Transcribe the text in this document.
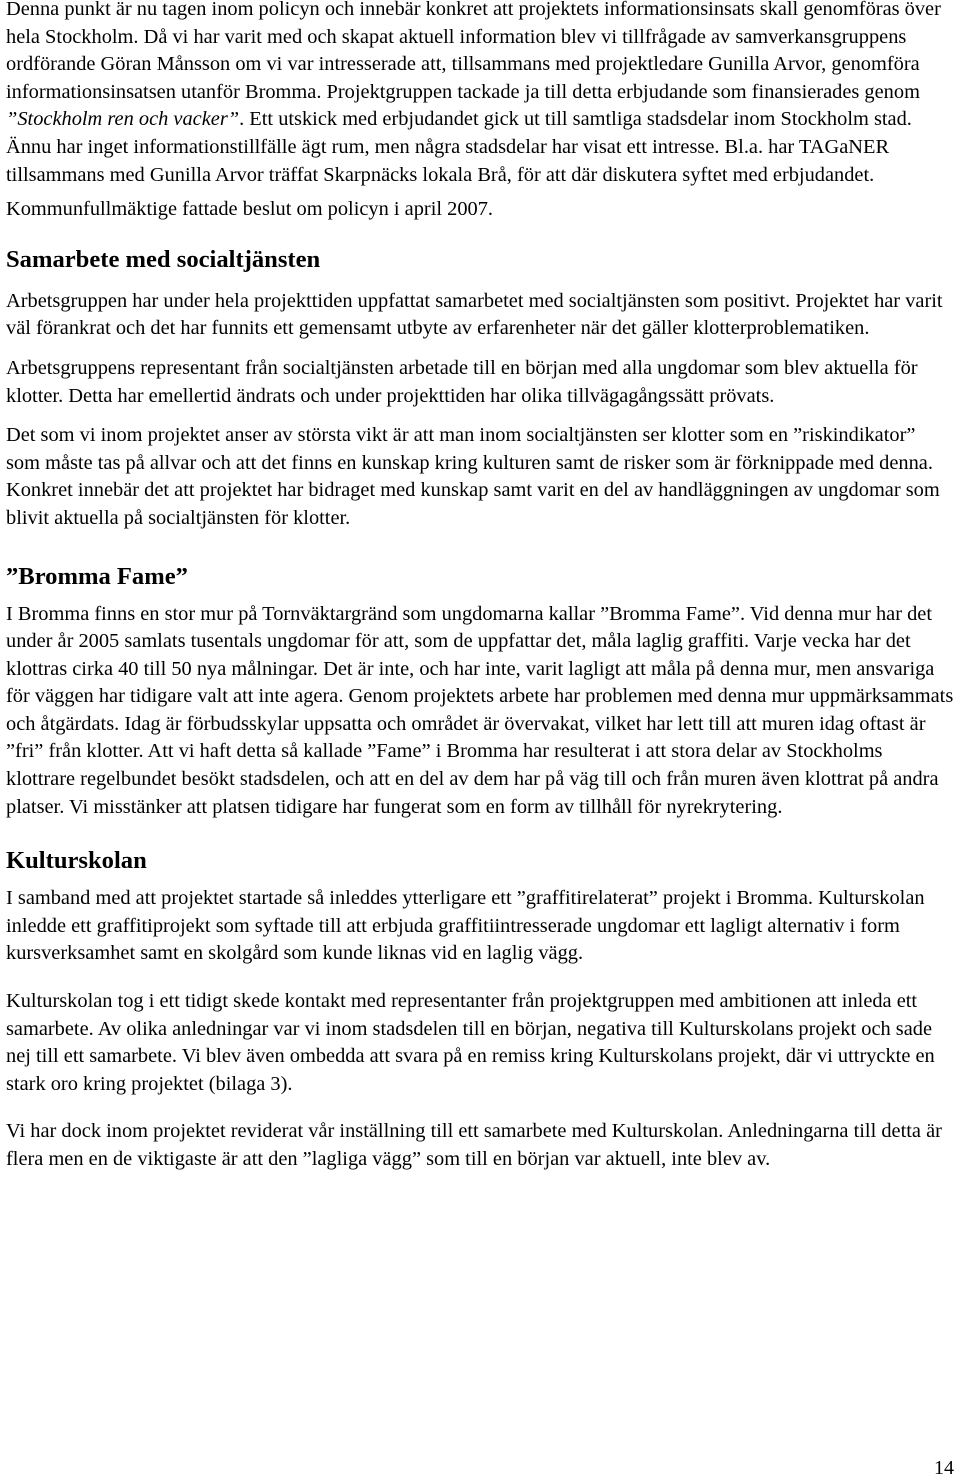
Denna punkt är nu tagen inom policyn och innebär konkret att projektets informationsinsats skall genomföras över hela Stockholm. Då vi har varit med och skapat aktuell information blev vi tillfrågade av samverkansgruppens ordförande Göran Månsson om vi var intresserade att, tillsammans med projektledare Gunilla Arvor, genomföra informationsinsatsen utanför Bromma. Projektgruppen tackade ja till detta erbjudande som finansierades genom ”Stockholm ren och vacker”. Ett utskick med erbjudandet gick ut till samtliga stadsdelar inom Stockholm stad. Ännu har inget informationstillfälle ägt rum, men några stadsdelar har visat ett intresse. Bl.a. har TAGaNER tillsammans med Gunilla Arvor träffat Skarpnäcks lokala Brå, för att där diskutera syftet med erbjudandet.

Kommunfullmäktige fattade beslut om policyn i april 2007.

Samarbete med socialtjänsten

Arbetsgruppen har under hela projekttiden uppfattat samarbetet med socialtjänsten som positivt. Projektet har varit väl förankrat och det har funnits ett gemensamt utbyte av erfarenheter när det gäller klotterproblematiken.

Arbetsgruppens representant från socialtjänsten arbetade till en början med alla ungdomar som blev aktuella för klotter. Detta har emellertid ändrats och under projekttiden har olika tillvägagångssätt prövats.

Det som vi inom projektet anser av största vikt är att man inom socialtjänsten ser klotter som en ”riskindikator” som måste tas på allvar och att det finns en kunskap kring kulturen samt de risker som är förknippade med denna. Konkret innebär det att projektet har bidraget med kunskap samt varit en del av handläggningen av ungdomar som blivit aktuella på socialtjänsten för klotter.

”Bromma Fame”

I Bromma finns en stor mur på Tornväktargränd som ungdomarna kallar ”Bromma Fame”. Vid denna mur har det under år 2005 samlats tusentals ungdomar för att, som de uppfattar det, måla laglig graffiti. Varje vecka har det klottras cirka 40 till 50 nya målningar. Det är inte, och har inte, varit lagligt att måla på denna mur, men ansvariga för väggen har tidigare valt att inte agera. Genom projektets arbete har problemen med denna mur uppmärksammats och åtgärdats. Idag är förbudsskylar uppsatta och området är övervakat, vilket har lett till att muren idag oftast är ”fri” från klotter. Att vi haft detta så kallade ”Fame” i Bromma har resulterat i att stora delar av Stockholms klottrare regelbundet besökt stadsdelen, och att en del av dem har på väg till och från muren även klottrat på andra platser. Vi misstänker att platsen tidigare har fungerat som en form av tillhåll för nyrekrytering.

Kulturskolan

I samband med att projektet startade så inleddes ytterligare ett ”graffitirelaterat” projekt i Bromma. Kulturskolan inledde ett graffitiprojekt som syftade till att erbjuda graffitiintresserade ungdomar ett lagligt alternativ i form kursverksamhet samt en skolgård som kunde liknas vid en laglig vägg.

Kulturskolan tog i ett tidigt skede kontakt med representanter från projektgruppen med ambitionen att inleda ett samarbete. Av olika anledningar var vi inom stadsdelen till en början, negativa till Kulturskolans projekt och sade nej till ett samarbete. Vi blev även ombedda att svara på en remiss kring Kulturskolans projekt, där vi uttryckte en stark oro kring projektet (bilaga 3).

Vi har dock inom projektet reviderat vår inställning till ett samarbete med Kulturskolan. Anledningarna till detta är flera men en de viktigaste är att den ”lagliga vägg” som till en början var aktuell, inte blev av.

14
